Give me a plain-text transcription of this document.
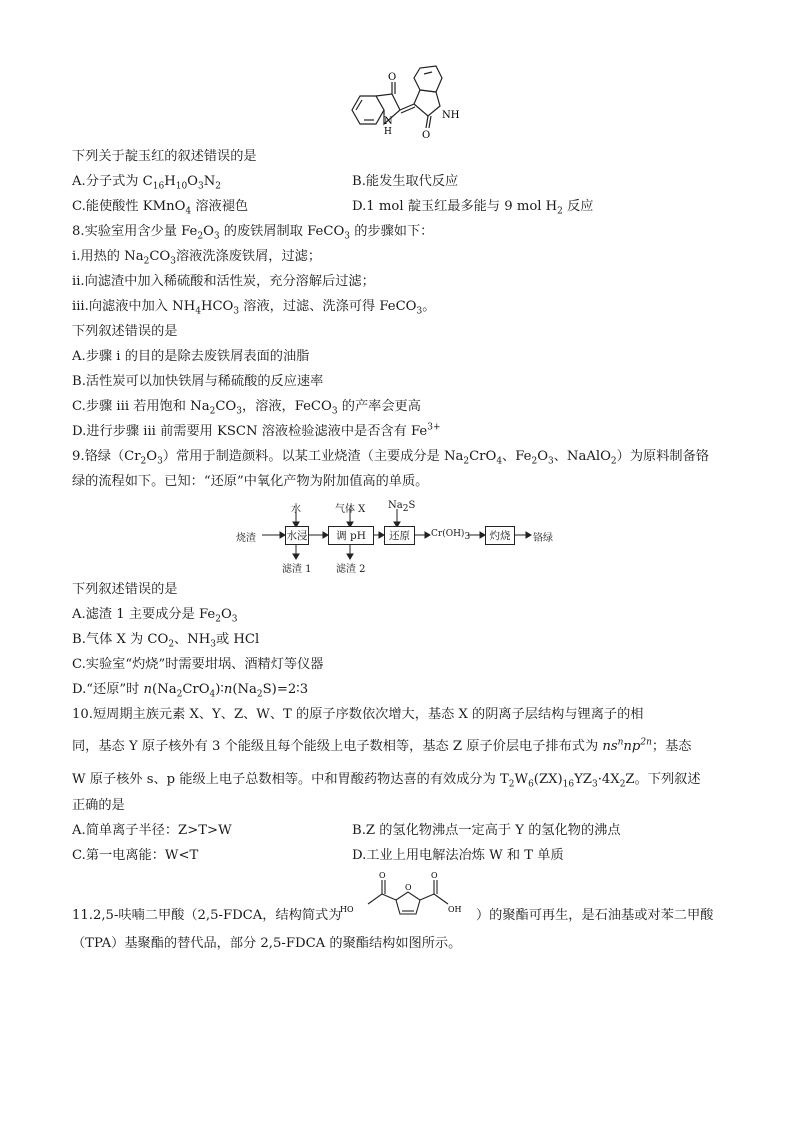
O
N
H
NH
O
下列关于靛玉红的叙述错误的是
A.分子式为 $C_{16}H_{10}O_3N_2$	B.能发生取代反应
C.能使酸性 KMnO$_4$ 溶液褪色	D.1 mol 靛玉红最多能与 9 mol $H_2$ 反应
8.实验室用含少量 $Fe_2O_3$ 的废铁屑制取 FeCO$_3$ 的步骤如下：
i.用热的 $Na_2CO_3$溶液洗涤废铁屑，过滤；
ii.向滤渣中加入稀硫酸和活性炭，充分溶解后过滤；
iii.向滤液中加入 $NH_4HCO_3$ 溶液，过滤、洗涤可得 FeCO$_3$。
下列叙述错误的是
A.步骤 i 的目的是除去废铁屑表面的油脂
B.活性炭可以加快铁屑与稀硫酸的反应速率
C.步骤 iii 若用饱和 $Na_2CO_3$，溶液，FeCO$_3$ 的产率会更高
D.进行步骤 iii 前需要用 KSCN 溶液检验滤液中是否含有 $Fe^{3+}$
9.铬绿$(Cr_2O_3)$常用于制造颜料。以某工业烧渣（主要成分是 $Na_2CrO_4$、$Fe_2O_3$、NaAlO$_2$）为原料制备铬
绿的流程如下。已知：“还原”中氧化产物为附加值高的单质。
烧渣
水
水浸
气体 X
调 pH
$Na_2S$
还原	$Cr(OH)_3$	灼烧	铬绿
滤渣 1 滤渣 2
下列叙述错误的是
A.滤渣 1 主要成分是 $Fe_2O_3$
B.气体 X 为 $CO_2$、$NH_3$或 HCl
C.实验室“灼烧”时需要坩埚、酒精灯等仪器
D.“还原”时 $n(Na_2CrO_4)∶n(Na_2S)=2∶3$
10.短周期主族元素 X、Y、Z、W、T 的原子序数依次增大，基态 X 的阴离子层结构与锂离子的相
同，基态 Y 原子核外有 3 个能级且每个能级上电子数相等，基态 Z 原子价层电子排布式为 $ns^nnp^{2n}$；基态
W 原子核外 s、p 能级上电子总数相等。中和胃酸药物达喜的有效成分为 $T_2W_6(ZX)_{16}YZ_3\cdot 4X_2Z$。下列叙述
正确的是
A.简单离子半径：Z>T>W	B.Z 的氢化物沸点一定高于 Y 的氢化物的沸点
C.第一电离能：W<T	D.工业上用电解法冶炼 W 和 T 单质
11.2,5-呋喃二甲酸（2,5-FDCA，结构简式为
O
O	O
HO	OH ）的聚酯可再生，是石油基或对苯二甲酸
（TPA）基聚酯的替代品，部分 2,5-FDCA 的聚酯结构如图所示。
